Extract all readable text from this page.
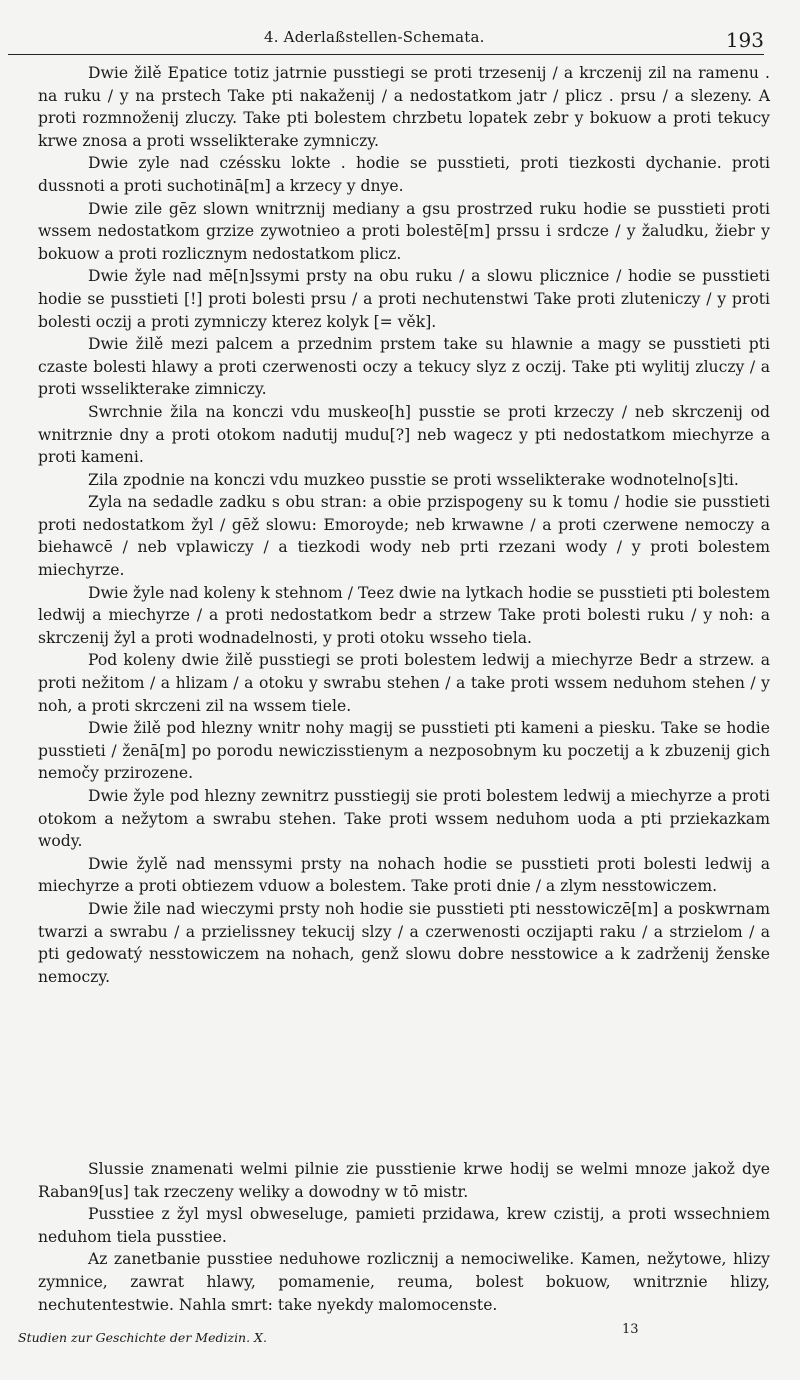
4. Aderlaßstellen-Schemata.	193

Dwie žilě Epatice totiz jatrnie pusstiegi se proti trzesenij / a krczenij zil na ramenu . na ruku / y na prstech Take pti nakaženij / a nedostatkom jatr / plicz . prsu / a slezeny. A proti rozmnoženij zluczy. Take pti bolestem chrzbetu lopatek zebr y bokuow a proti tekucy krwe znosa a proti wsselikterake zymniczy.

Dwie zyle nad czéssku lokte . hodie se pusstieti, proti tiezkosti dychanie. proti dussnoti a proti suchotinā[m] a krzecy y dnye.

Dwie zile gēz slown wnitrznij mediany a gsu prostrzed ruku hodie se pusstieti proti wssem nedostatkom grzize zywotnieo a proti bolestē[m] prssu i srdcze / y žaludku, žiebr y bokuow a proti rozlicznym nedostatkom plicz.

Dwie žyle nad mē[n]ssymi prsty na obu ruku / a slowu plicznice / hodie se pusstieti hodie se pusstieti [!] proti bolesti prsu / a proti nechutenstwi Take proti zluteniczy / y proti bolesti oczij a proti zymniczy kterez kolyk [= věk].

Dwie žilě mezi palcem a przednim prstem take su hlawnie a magy se pusstieti pti czaste bolesti hlawy a proti czerwenosti oczy a tekucy slyz z oczij. Take pti wylitij zluczy / a proti wsselikterake zimniczy.

Swrchnie žila na konczi vdu muskeo[h] pusstie se proti krzeczy / neb skrczenij od wnitrznie dny a proti otokom nadutij mudu[?] neb wagecz y pti nedostatkom miechyrze a proti kameni.

Zila zpodnie na konczi vdu muzkeo pusstie se proti wsselikterake wodnotelno[s]ti.

Zyla na sedadle zadku s obu stran: a obie przispogeny su k tomu / hodie sie pusstieti proti nedostatkom žyl / gēž slowu: Emoroyde; neb krwawne / a proti czerwene nemoczy a biehawcē / neb vplawiczy / a tiezkodi wody neb prti rzezani wody / y proti bolestem miechyrze.

Dwie žyle nad koleny k stehnom / Teez dwie na lytkach hodie se pusstieti pti bolestem ledwij a miechyrze / a proti nedostatkom bedr a strzew Take proti bolesti ruku / y noh: a skrczenij žyl a proti wodnadelnosti, y proti otoku wsseho tiela.

Pod koleny dwie žilě pusstiegi se proti bolestem ledwij a miechyrze Bedr a strzew. a proti nežitom / a hlizam / a otoku y swrabu stehen / a take proti wssem neduhom stehen / y noh, a proti skrczeni zil na wssem tiele.

Dwie žilě pod hlezny wnitr nohy magij se pusstieti pti kameni a piesku. Take se hodie pusstieti / ženā[m] po porodu newiczisstienym a nezposobnym ku poczetij a k zbuzenij gich nemočy przirozene.

Dwie žyle pod hlezny zewnitrz pusstiegij sie proti bolestem ledwij a miechyrze a proti otokom a nežytom a swrabu stehen. Take proti wssem neduhom uoda a pti prziekazkam wody.

Dwie žylě nad menssymi prsty na nohach hodie se pusstieti proti bolesti ledwij a miechyrze a proti obtiezem vduow a bolestem. Take proti dnie / a zlym nesstowiczem.

Dwie žile nad wieczymi prsty noh hodie sie pusstieti pti nesstowiczē[m] a poskwrnam twarzi a swrabu / a przielissney tekucij slzy / a czerwenosti oczijapti raku / a strzielom / a pti gedowatý nesstowiczem na nohach, genž slowu dobre nesstowice a k zadrženij ženske nemoczy.

Slussie znamenati welmi pilnie zie pusstienie krwe hodij se welmi mnoze jakož dye Raban9[us] tak rzeczeny weliky a dowodny w tō mistr.

Pusstiee z žyl mysl obweseluge, pamieti przidawa, krew czistij, a proti wssechniem neduhom tiela pusstiee.

Az zanetbanie pusstiee neduhowe rozlicznij a nemociwelike. Kamen, nežytowe, hlizy zymnice, zawrat hlawy, pomamenie, reuma, bolest bokuow, wnitrznie hlizy, nechutentestwie. Nahla smrt: take nyekdy malomocenste.

Studien zur Geschichte der Medizin. X.
13
